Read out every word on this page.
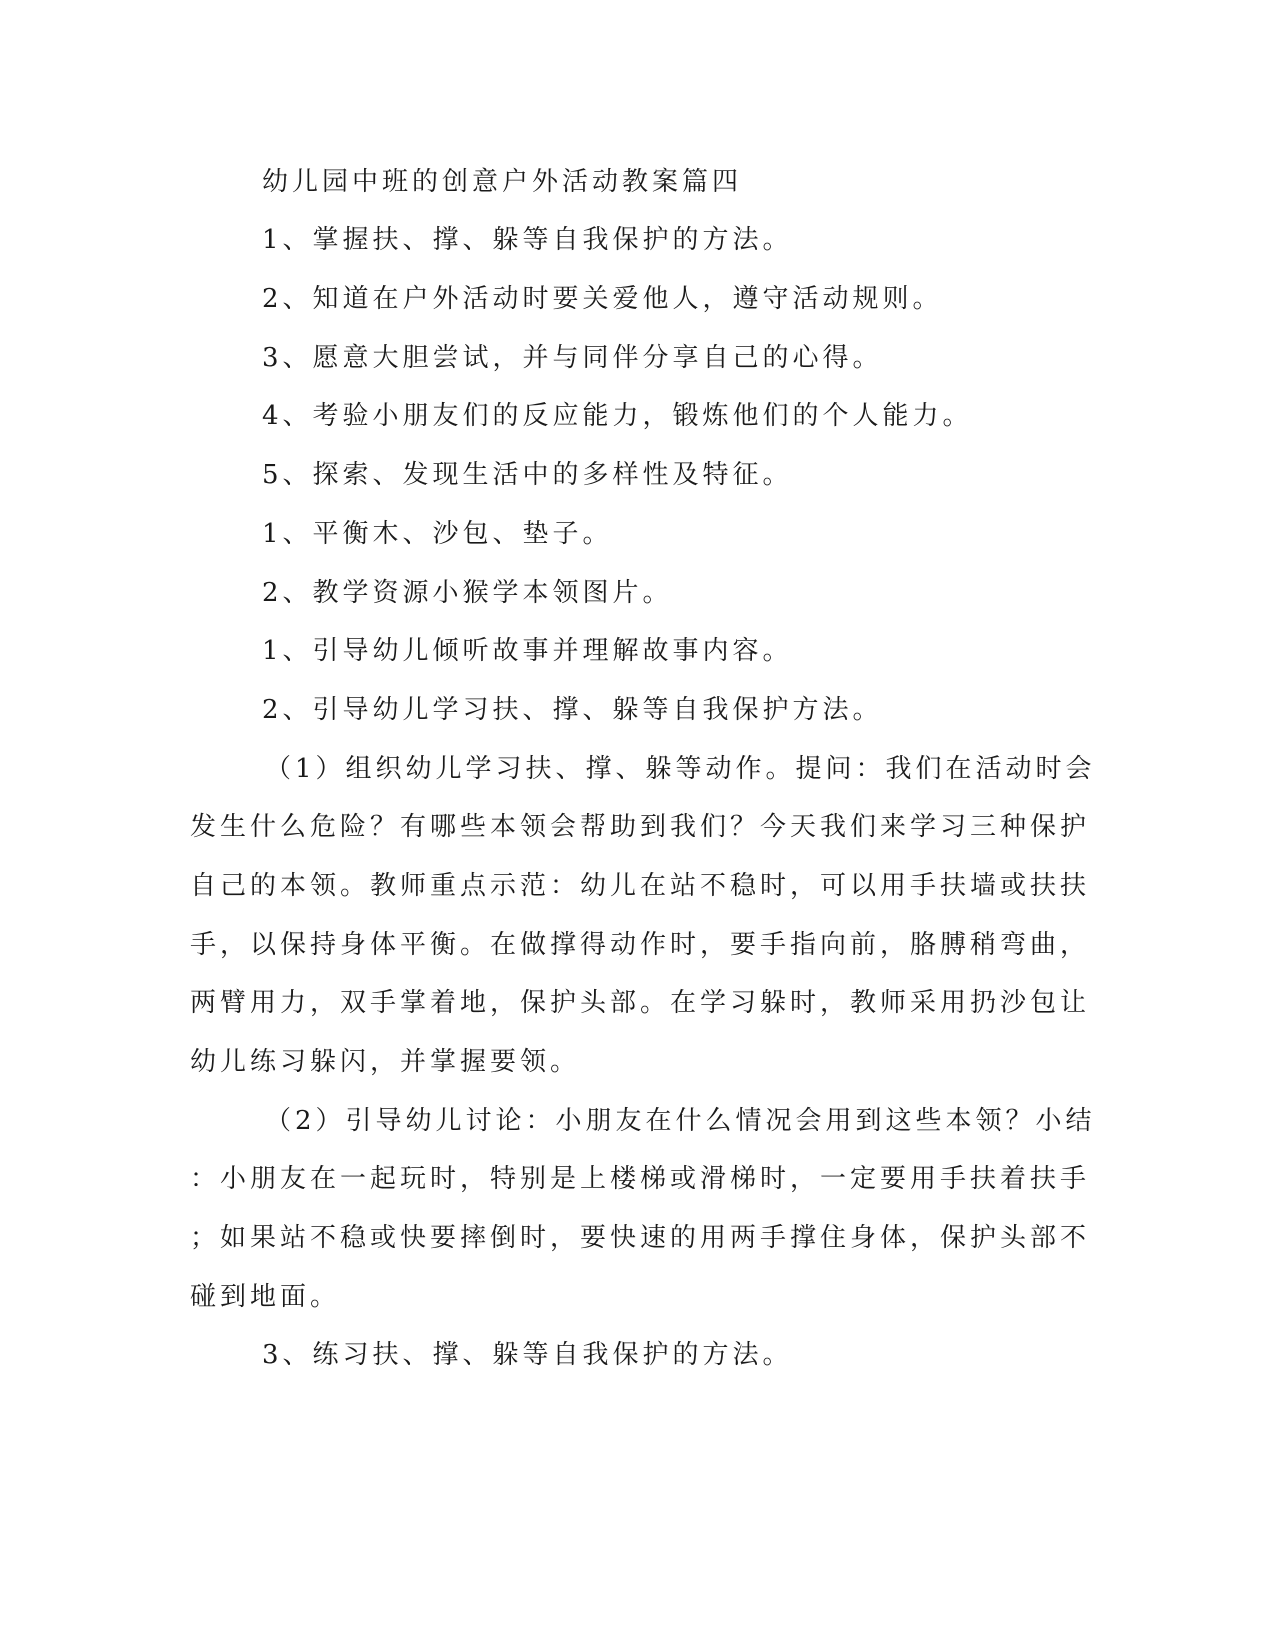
幼儿园中班的创意户外活动教案篇四
1、掌握扶、撑、躲等自我保护的方法。
2、知道在户外活动时要关爱他人，遵守活动规则。
3、愿意大胆尝试，并与同伴分享自己的心得。
4、考验小朋友们的反应能力，锻炼他们的个人能力。
5、探索、发现生活中的多样性及特征。
1、平衡木、沙包、垫子。
2、教学资源小猴学本领图片。
1、引导幼儿倾听故事并理解故事内容。
2、引导幼儿学习扶、撑、躲等自我保护方法。
（1）组织幼儿学习扶、撑、躲等动作。提问：我们在活动时会
发生什么危险？有哪些本领会帮助到我们？今天我们来学习三种保护
自己的本领。教师重点示范：幼儿在站不稳时，可以用手扶墙或扶扶
手，以保持身体平衡。在做撑得动作时，要手指向前，胳膊稍弯曲，
两臂用力，双手掌着地，保护头部。在学习躲时，教师采用扔沙包让
幼儿练习躲闪，并掌握要领。
（2）引导幼儿讨论：小朋友在什么情况会用到这些本领？小结
：小朋友在一起玩时，特别是上楼梯或滑梯时，一定要用手扶着扶手
；如果站不稳或快要摔倒时，要快速的用两手撑住身体，保护头部不
碰到地面。
3、练习扶、撑、躲等自我保护的方法。
